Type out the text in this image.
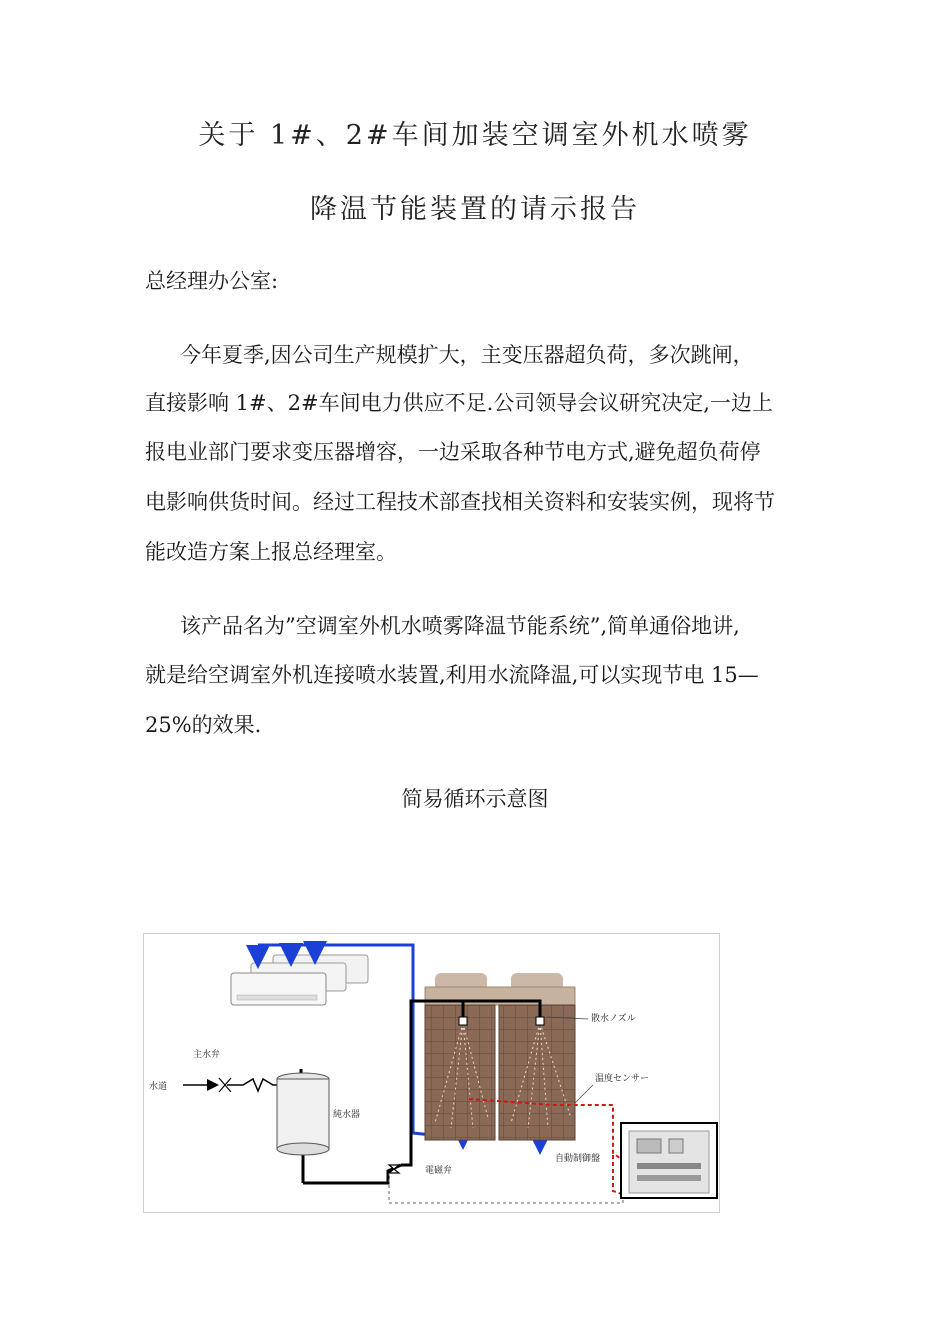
关于 1#、2#车间加装空调室外机水喷雾
降温节能装置的请示报告
总经理办公室:
今年夏季,因公司生产规模扩大，主变压器超负荷，多次跳闸，
直接影响 1#、2#车间电力供应不足.公司领导会议研究决定,一边上
报电业部门要求变压器增容，一边采取各种节电方式,避免超负荷停
电影响供货时间。经过工程技术部查找相关资料和安装实例，现将节
能改造方案上报总经理室。
该产品名为”空调室外机水喷雾降温节能系统”,简单通俗地讲,
就是给空调室外机连接喷水装置,利用水流降温,可以实现节电 15—
25%的效果.
简易循环示意图
主水弁
水道
純水器
電磁弁
散水ノズル
温度センサー
自動制御盤
